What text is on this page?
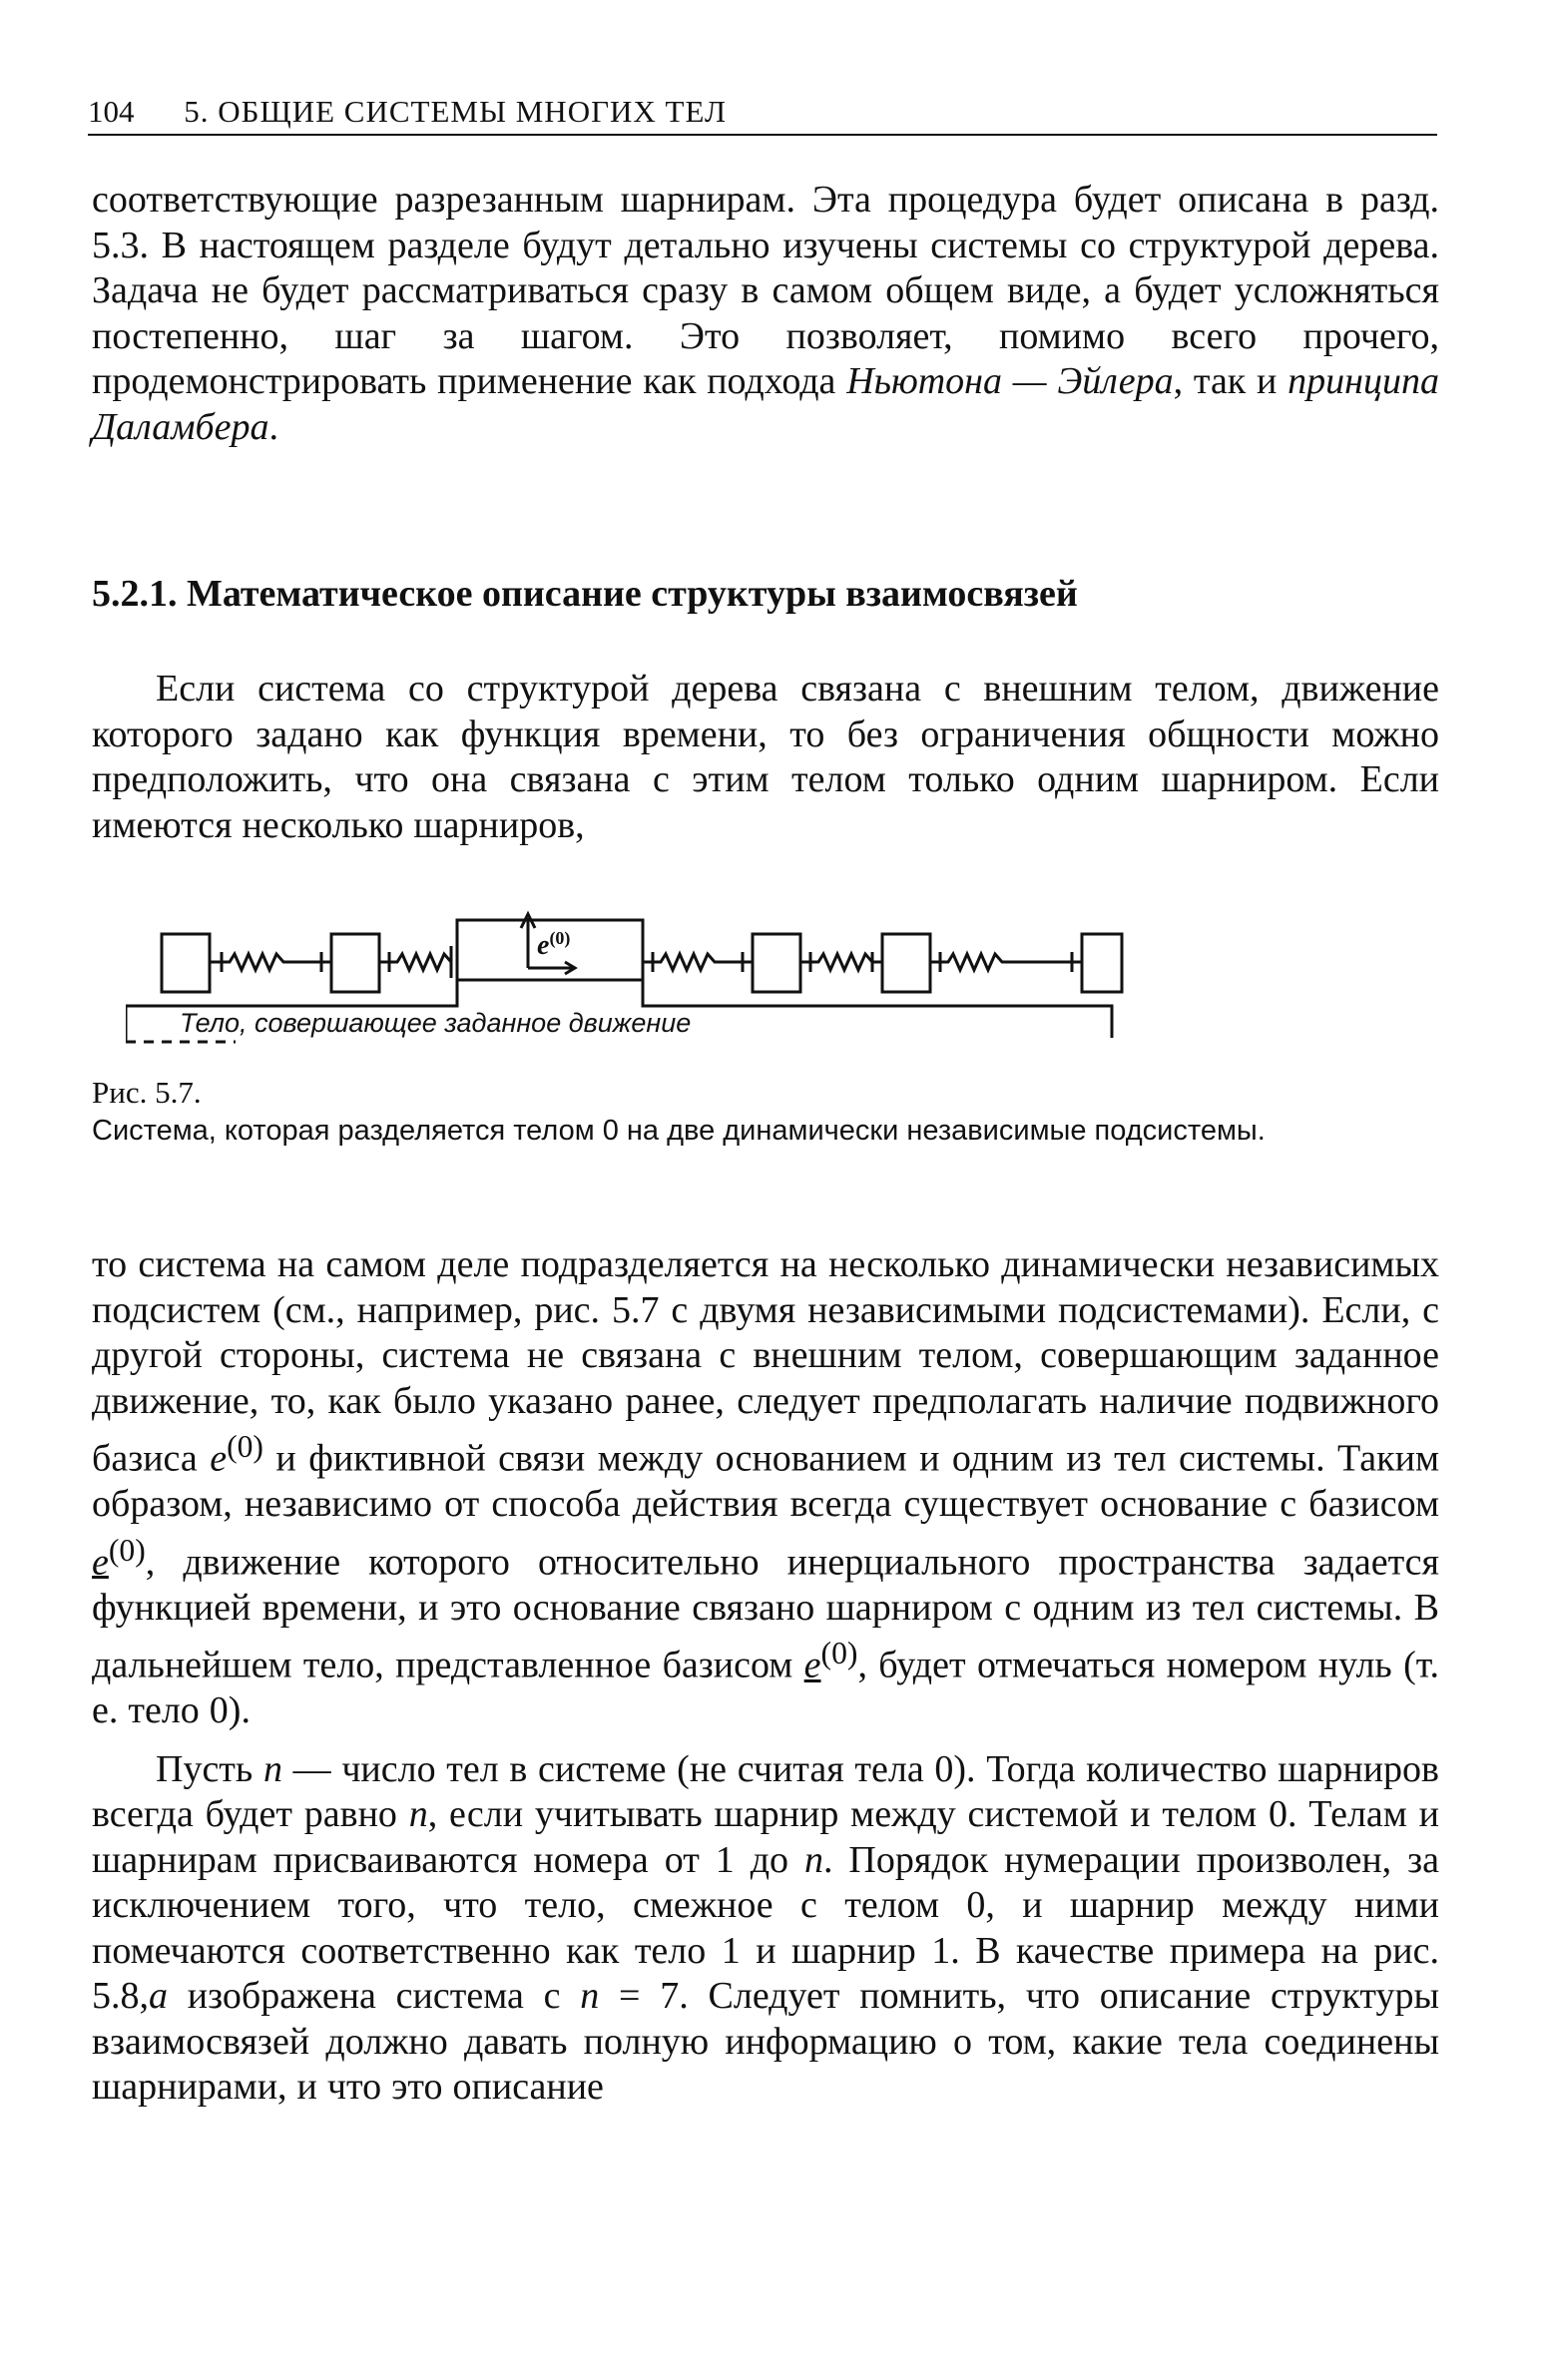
104 5. ОБЩИЕ СИСТЕМЫ МНОГИХ ТЕЛ

соответствующие разрезанным шарнирам. Эта процедура будет описана в разд. 5.3. В настоящем разделе будут детально изучены системы со структурой дерева. Задача не будет рассматриваться сразу в самом общем виде, а будет усложняться постепенно, шаг за шагом. Это позволяет, помимо всего прочего, продемонстрировать применение как подхода Ньютона — Эйлера, так и принципа Даламбера.

5.2.1. Математическое описание структуры взаимосвязей

Если система со структурой дерева связана с внешним телом, движение которого задано как функция времени, то без ограничения общности можно предположить, что она связана с этим телом только одним шарниром. Если имеются несколько шарниров,

$e^{(0)}$
Тело, совершающее заданное движение
Рис. 5.7.
Система, которая разделяется телом 0 на две динамически независимые подсистемы.

то система на самом деле подразделяется на несколько динамически независимых подсистем (см., например, рис. 5.7 с двумя независимыми подсистемами). Если, с другой стороны, система не связана с внешним телом, совершающим заданное движение, то, как было указано ранее, следует предполагать наличие подвижного базиса $e^{(0)}$ и фиктивной связи между основанием и одним из тел системы. Таким образом, независимо от способа действия всегда существует основание с базисом $e^{(0)}$, движение которого относительно инерциального пространства задается функцией времени, и это основание связано шарниром с одним из тел системы. В дальнейшем тело, представленное базисом $e^{(0)}$, будет отмечаться номером нуль (т. е. тело 0).

Пусть n — число тел в системе (не считая тела 0). Тогда количество шарниров всегда будет равно n, если учитывать шарнир между системой и телом 0. Телам и шарнирам присваиваются номера от 1 до n. Порядок нумерации произволен, за исключением того, что тело, смежное с телом 0, и шарнир между ними помечаются соответственно как тело 1 и шарнир 1. В качестве примера на рис. 5.8,а изображена система с n = 7. Следует помнить, что описание структуры взаимосвязей должно давать полную информацию о том, какие тела соединены шарнирами, и что это описание
